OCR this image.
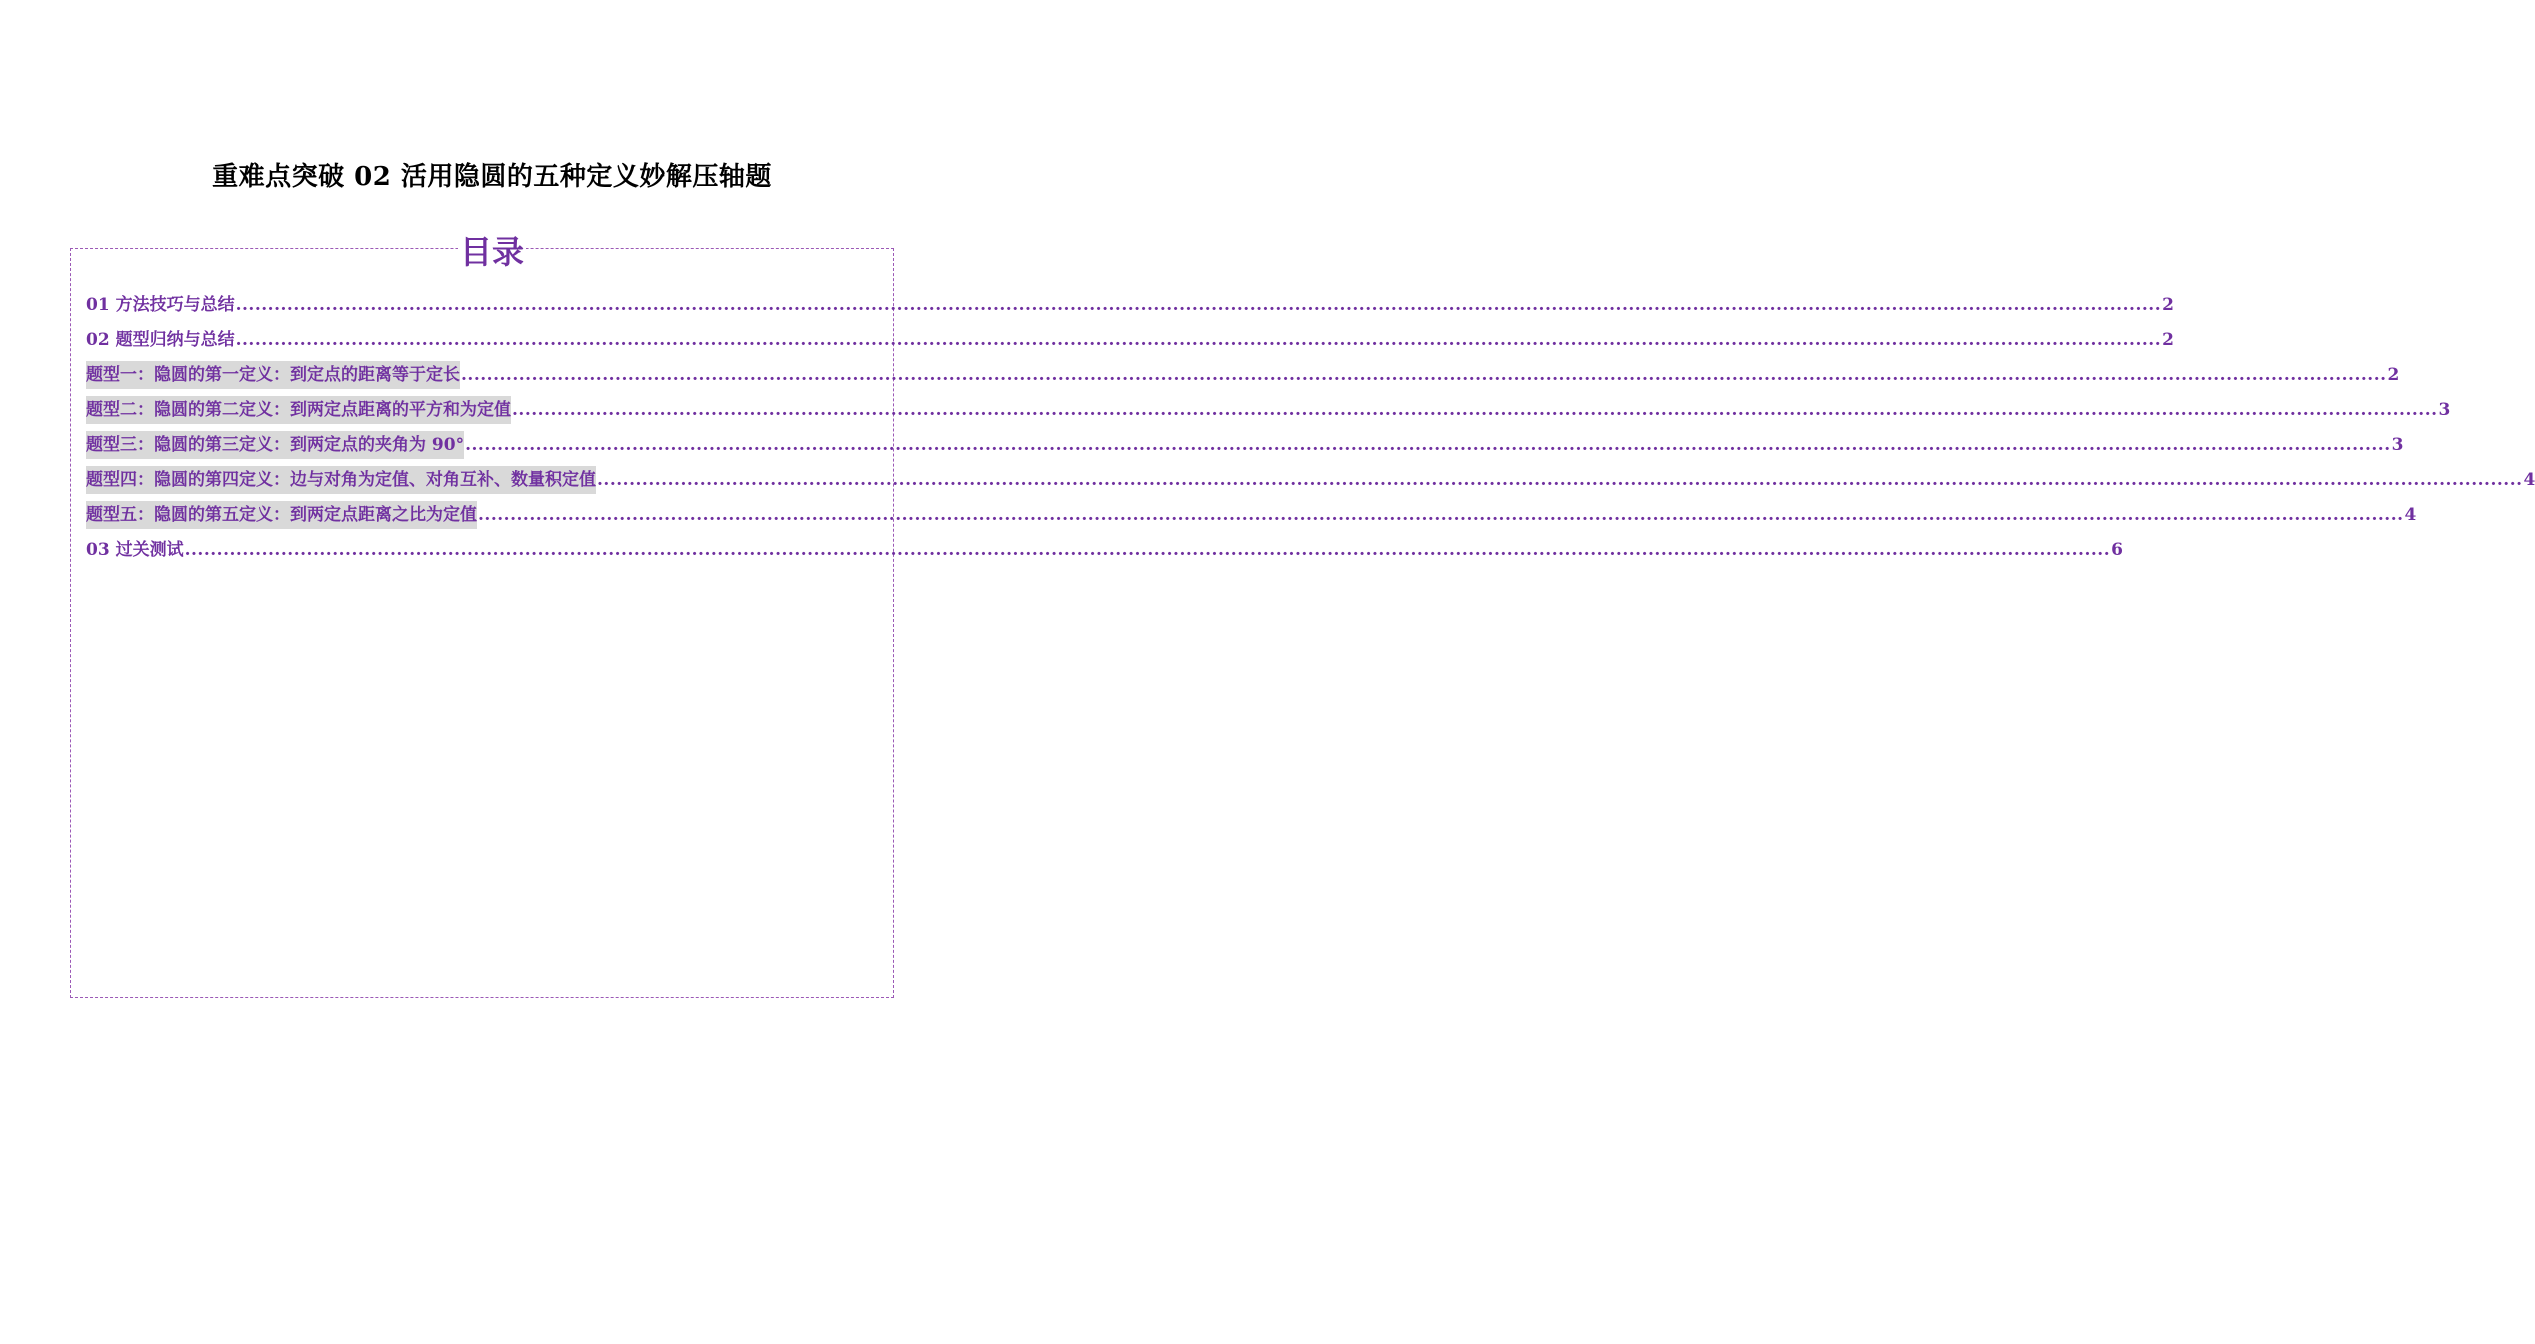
重难点突破 02 活用隐圆的五种定义妙解压轴题
目录
01 方法技巧与总结 ............................................................................................................................................................................................................................................................................................................ 2
02 题型归纳与总结 ............................................................................................................................................................................................................................................................................................................ 2
题型一：隐圆的第一定义：到定点的距离等于定长 ............................................................................................................................................................................................................................................................................................................ 2
题型二：隐圆的第二定义：到两定点距离的平方和为定值 ............................................................................................................................................................................................................................................................................................................ 3
题型三：隐圆的第三定义：到两定点的夹角为 90° ............................................................................................................................................................................................................................................................................................................ 3
题型四：隐圆的第四定义：边与对角为定值、对角互补、数量积定值 ............................................................................................................................................................................................................................................................................................................ 4
题型五：隐圆的第五定义：到两定点距离之比为定值 ............................................................................................................................................................................................................................................................................................................ 4
03 过关测试 ............................................................................................................................................................................................................................................................................................................ 6
